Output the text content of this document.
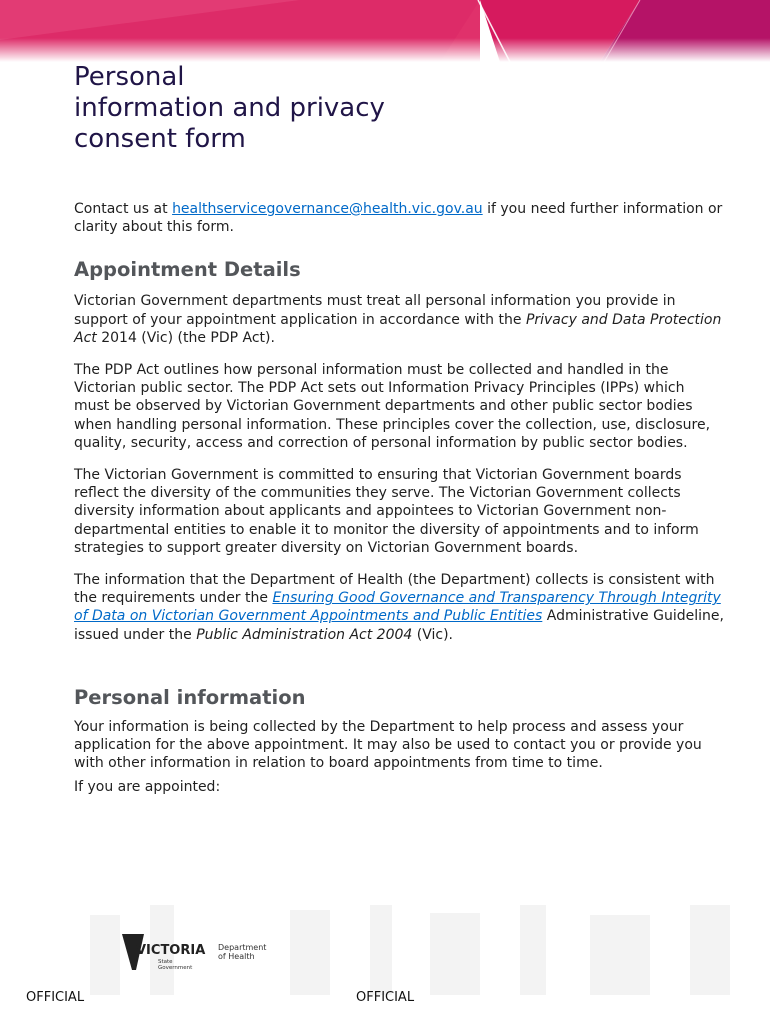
Personal
information and privacy
consent form

Contact us at healthservicegovernance@health.vic.gov.au if you need further information or clarity about this form.

Appointment Details

Victorian Government departments must treat all personal information you provide in support of your appointment application in accordance with the Privacy and Data Protection Act 2014 (Vic) (the PDP Act).

The PDP Act outlines how personal information must be collected and handled in the Victorian public sector. The PDP Act sets out Information Privacy Principles (IPPs) which must be observed by Victorian Government departments and other public sector bodies when handling personal information. These principles cover the collection, use, disclosure, quality, security, access and correction of personal information by public sector bodies.

The Victorian Government is committed to ensuring that Victorian Government boards reflect the diversity of the communities they serve. The Victorian Government collects diversity information about applicants and appointees to Victorian Government non-departmental entities to enable it to monitor the diversity of appointments and to inform strategies to support greater diversity on Victorian Government boards.

The information that the Department of Health (the Department) collects is consistent with the requirements under the Ensuring Good Governance and Transparency Through Integrity of Data on Victorian Government Appointments and Public Entities Administrative Guideline, issued under the Public Administration Act 2004 (Vic).

Personal information

Your information is being collected by the Department to help process and assess your application for the above appointment. It may also be used to contact you or provide you with other information in relation to board appointments from time to time.

If you are appointed:

VICTORIA
State
Government
Department
of Health
OFFICIAL	OFFICIAL
